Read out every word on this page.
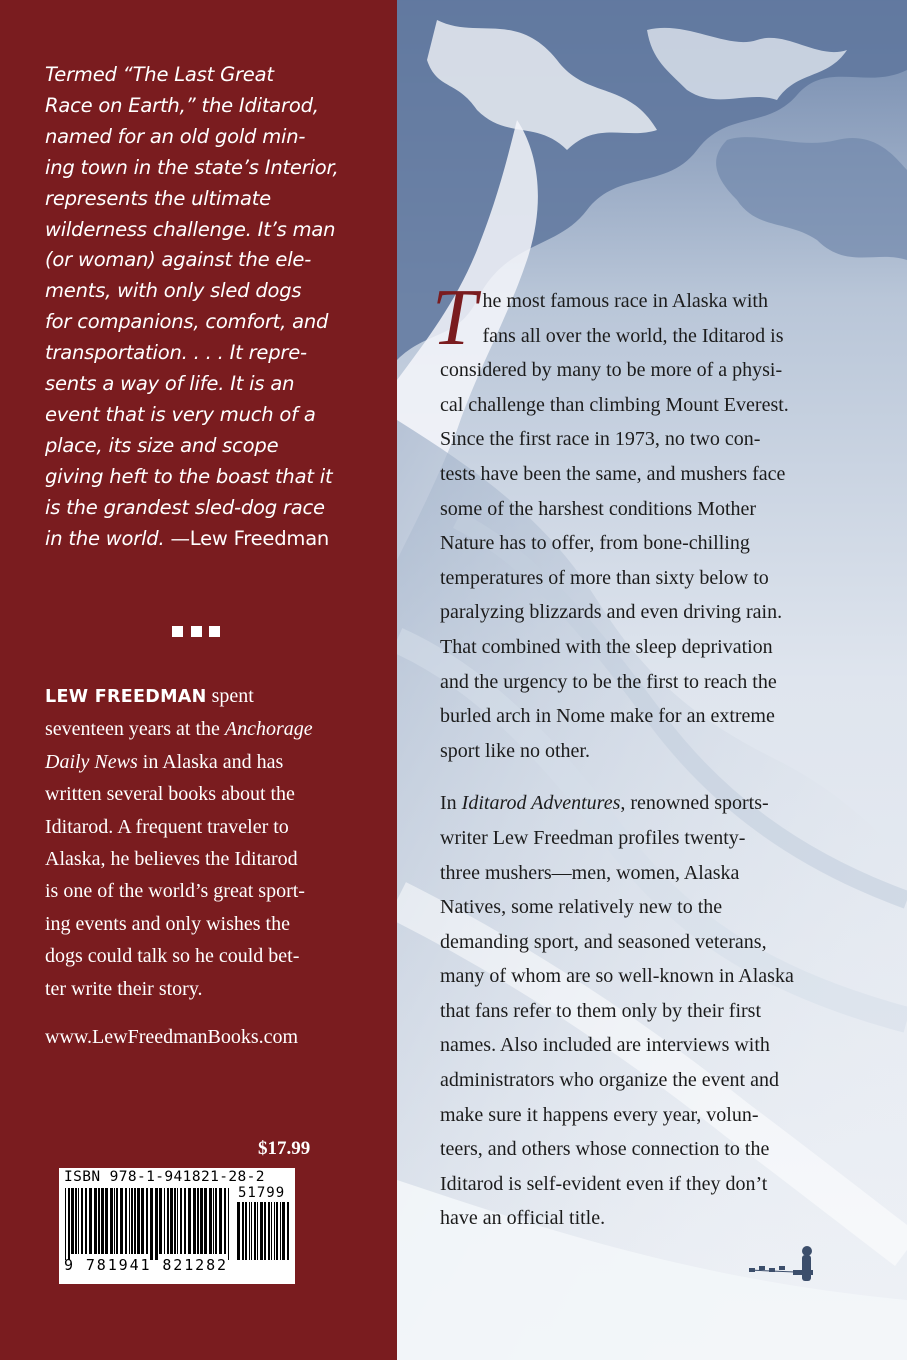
Termed “The Last Great
Race on Earth,” the Iditarod,
named for an old gold min-
ing town in the state’s Interior,
represents the ultimate
wilderness challenge. It’s man
(or woman) against the ele-
ments, with only sled dogs
for companions, comfort, and
transportation. . . . It repre-
sents a way of life. It is an
event that is very much of a
place, its size and scope
giving heft to the boast that it
is the grandest sled-dog race
in the world. —Lew Freedman
LEW FREEDMAN spent
seventeen years at the Anchorage
Daily News in Alaska and has
written several books about the
Iditarod. A frequent traveler to
Alaska, he believes the Iditarod
is one of the world’s great sport-
ing events and only wishes the
dogs could talk so he could bet-
ter write their story.
www.LewFreedmanBooks.com
$17.99
ISBN 978-1-941821-28-2
51799
9 781941 821282

T he most famous race in Alaska with
fans all over the world, the Iditarod is
considered by many to be more of a physi-
cal challenge than climbing Mount Everest.
Since the first race in 1973, no two con-
tests have been the same, and mushers face
some of the harshest conditions Mother
Nature has to offer, from bone-chilling
temperatures of more than sixty below to
paralyzing blizzards and even driving rain.
That combined with the sleep deprivation
and the urgency to be the first to reach the
burled arch in Nome make for an extreme
sport like no other.

In Iditarod Adventures, renowned sports-
writer Lew Freedman profiles twenty-
three mushers—men, women, Alaska
Natives, some relatively new to the
demanding sport, and seasoned veterans,
many of whom are so well-known in Alaska
that fans refer to them only by their first
names. Also included are interviews with
administrators who organize the event and
make sure it happens every year, volun-
teers, and others whose connection to the
Iditarod is self-evident even if they don’t
have an official title.
